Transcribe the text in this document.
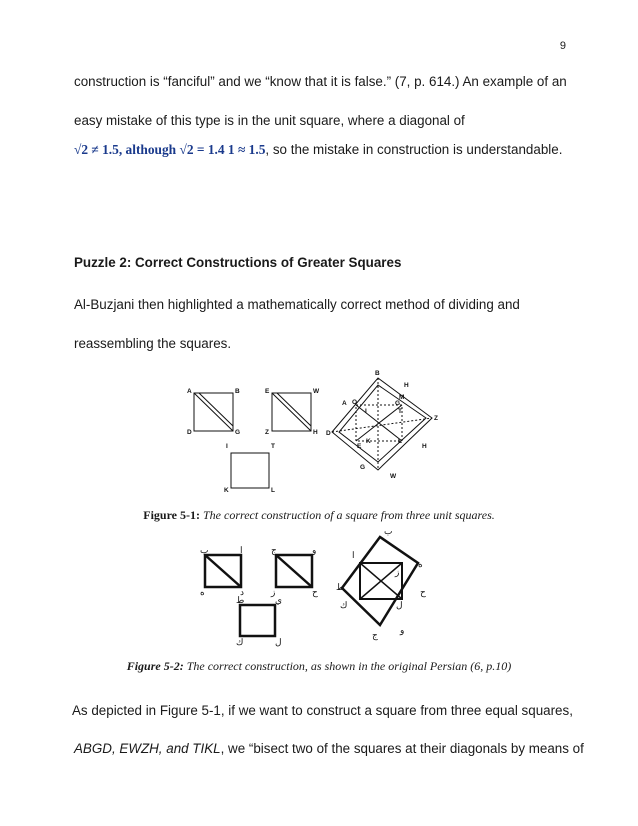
9
construction is “fanciful” and we “know that it is false.” (7, p. 614.) An example of an
easy mistake of this type is in the unit square, where a diagonal of
√2 ≠ 1.5, although √2 = 1.4 1 ≈ 1.5, so the mistake in construction is understandable.
Puzzle 2: Correct Constructions of Greater Squares
Al-Buzjani then highlighted a mathematically correct method of dividing and
reassembling the squares.
A	B
D	G
E	W
Z	H
I	T
K	L
B
H
M
A O	G
I	T
Z
D
K	L
E	H
G
W
Figure 5-1: The correct construction of a square from three unit squares.
ب	ا
ه	د
ج	و
ز	ح
ط	ي
ك	ل
ب
ه
ا
ز
ح
ط
ك	ل
و
ج
Figure 5-2: The correct construction, as shown in the original Persian (6, p.10)
As depicted in Figure 5-1, if we want to construct a square from three equal squares,
ABGD, EWZH, and TIKL, we “bisect two of the squares at their diagonals by means of
